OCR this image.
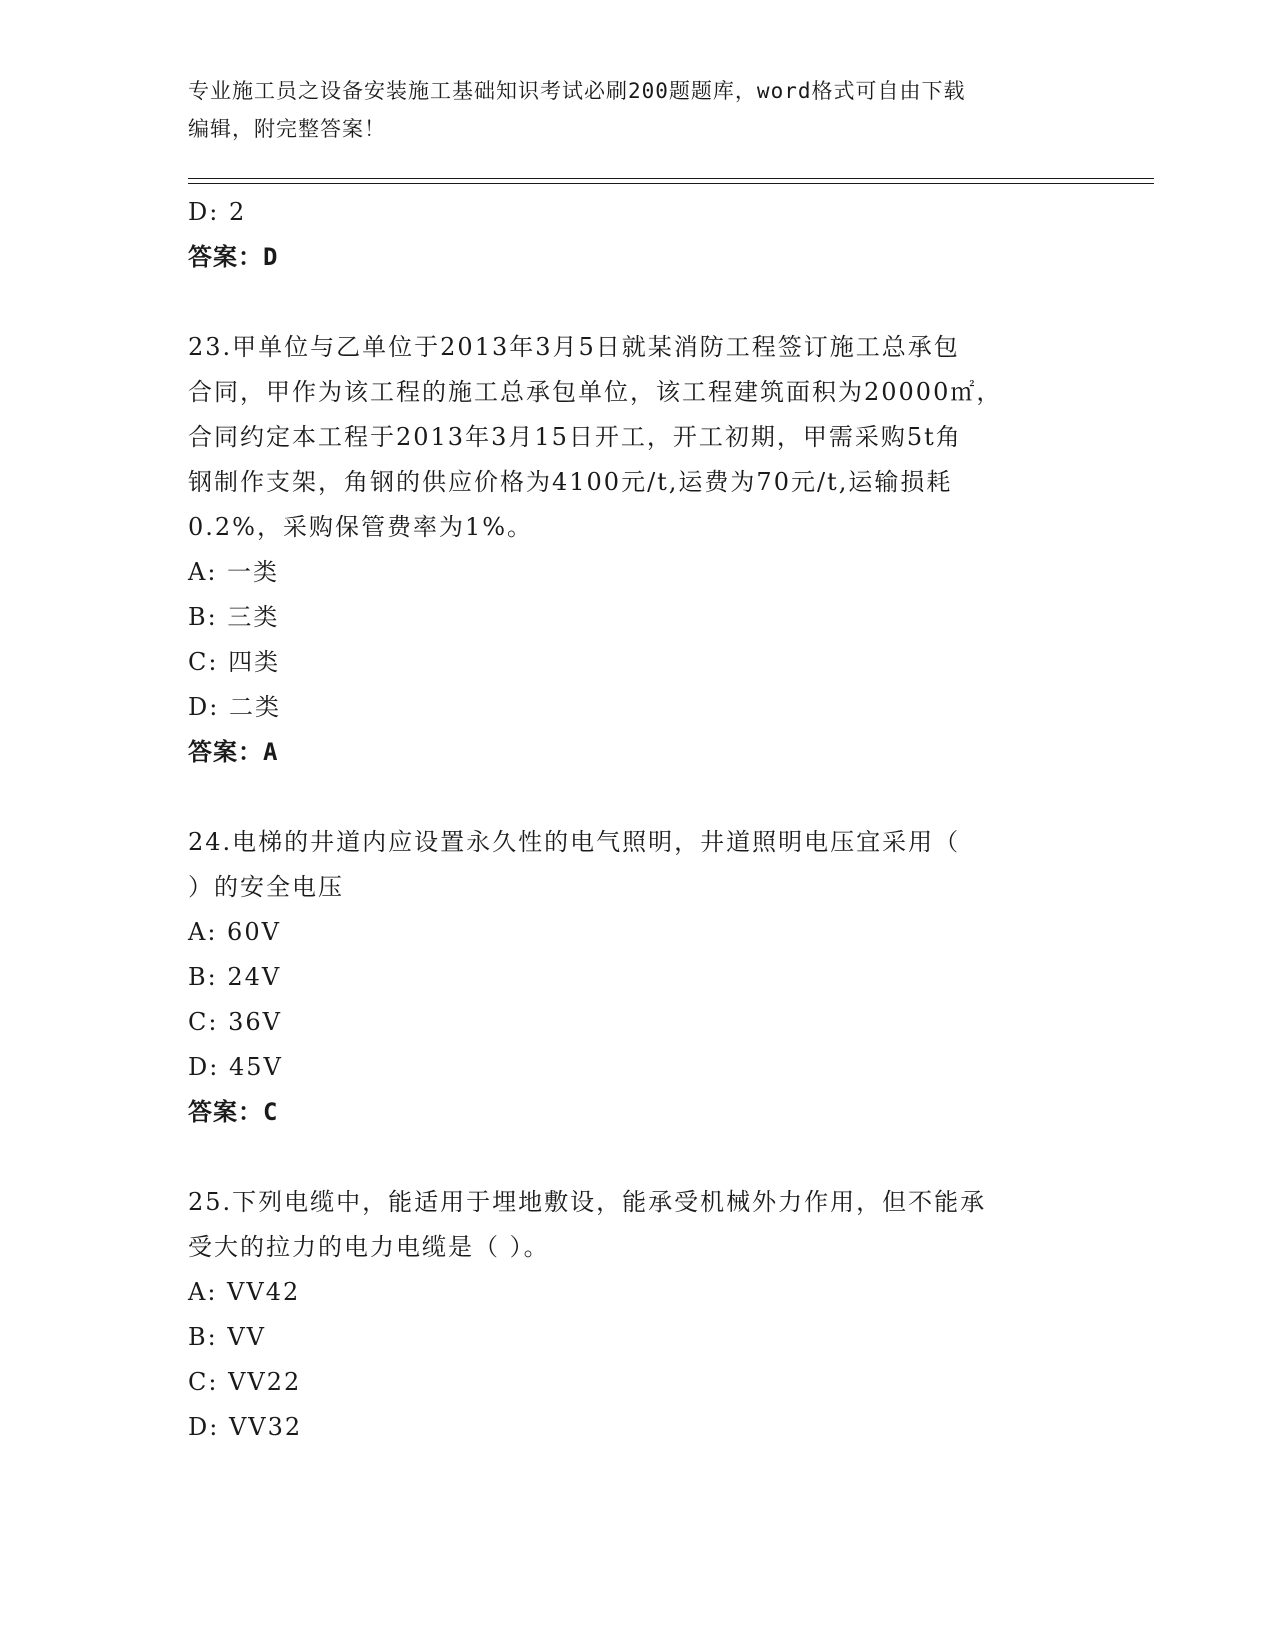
专业施工员之设备安装施工基础知识考试必刷200题题库，word格式可自由下载
编辑，附完整答案！
D: 2
答案：D
23.甲单位与乙单位于2013年3月5日就某消防工程签订施工总承包
合同，甲作为该工程的施工总承包单位，该工程建筑面积为20000㎡，
合同约定本工程于2013年3月15日开工，开工初期，甲需采购5t角
钢制作支架，角钢的供应价格为4100元/t,运费为70元/t,运输损耗
0.2%，采购保管费率为1%。
A: 一类
B: 三类
C: 四类
D: 二类
答案：A
24.电梯的井道内应设置永久性的电气照明，井道照明电压宜采用（
）的安全电压
A: 60V
B: 24V
C: 36V
D: 45V
答案：C
25.下列电缆中，能适用于埋地敷设，能承受机械外力作用，但不能承
受大的拉力的电力电缆是（ ）。
A: VV42
B: VV
C: VV22
D: VV32
